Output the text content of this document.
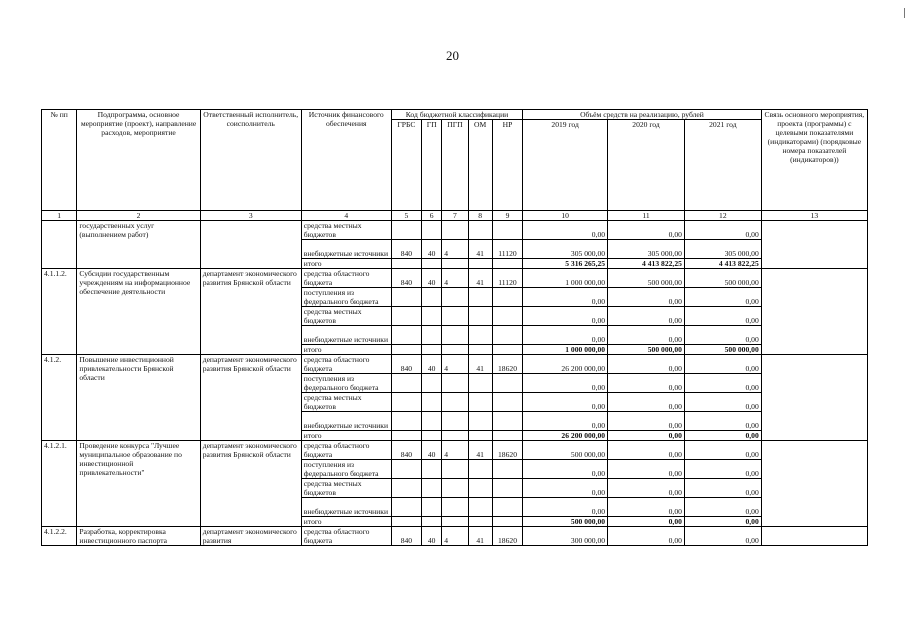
20
№ пп	Подпрограмма, основное мероприятие (проект), направление расходов, мероприятие	Ответственный исполнитель, соисполнитель	Источник финансового обеспечения	Код бюджетной классификации					Объём средств на реализацию, рублей			Связь основного мероприятия, проекта (программы) с целевыми показателями (индикаторами) (порядковые номера показателей (индикаторов))
				ГРБС	ГП	ПГП	ОМ	НР	2019 год	2020 год	2021 год	
1	2	3	4	5	6	7	8	9	10	11	12	13
	государственных услуг (выполнением работ)		средства местных бюджетов						0,00	0,00	0,00	
			внебюджетные источники	840	40	4	41	11120	305 000,00	305 000,00	305 000,00	
			итого						5 316 265,25	4 413 822,25	4 413 822,25	
4.1.1.2.	Субсидии государственным учреждениям на информационное обеспечение деятельности	департамент экономического развития Брянской области	средства областного бюджета	840	40	4	41	11120	1 000 000,00	500 000,00	500 000,00	
			поступления из федерального бюджета						0,00	0,00	0,00	
			средства местных бюджетов						0,00	0,00	0,00	
			внебюджетные источники						0,00	0,00	0,00	
			итого						1 000 000,00	500 000,00	500 000,00	
4.1.2.	Повышение инвестиционной привлекательности Брянской области	департамент экономического развития Брянской области	средства областного бюджета	840	40	4	41	18620	26 200 000,00	0,00	0,00	
			поступления из федерального бюджета						0,00	0,00	0,00	
			средства местных бюджетов						0,00	0,00	0,00	
			внебюджетные источники						0,00	0,00	0,00	
			итого						26 200 000,00	0,00	0,00	
4.1.2.1.	Проведение конкурса "Лучшее муниципальное образование по инвестиционной привлекательности"	департамент экономического развития Брянской области	средства областного бюджета	840	40	4	41	18620	500 000,00	0,00	0,00	
			поступления из федерального бюджета						0,00	0,00	0,00	
			средства местных бюджетов						0,00	0,00	0,00	
			внебюджетные источники						0,00	0,00	0,00	
			итого						500 000,00	0,00	0,00	
4.1.2.2.	Разработка, корректировка инвестиционного паспорта	департамент экономического развития	средства областного бюджета	840	40	4	41	18620	300 000,00	0,00	0,00	
